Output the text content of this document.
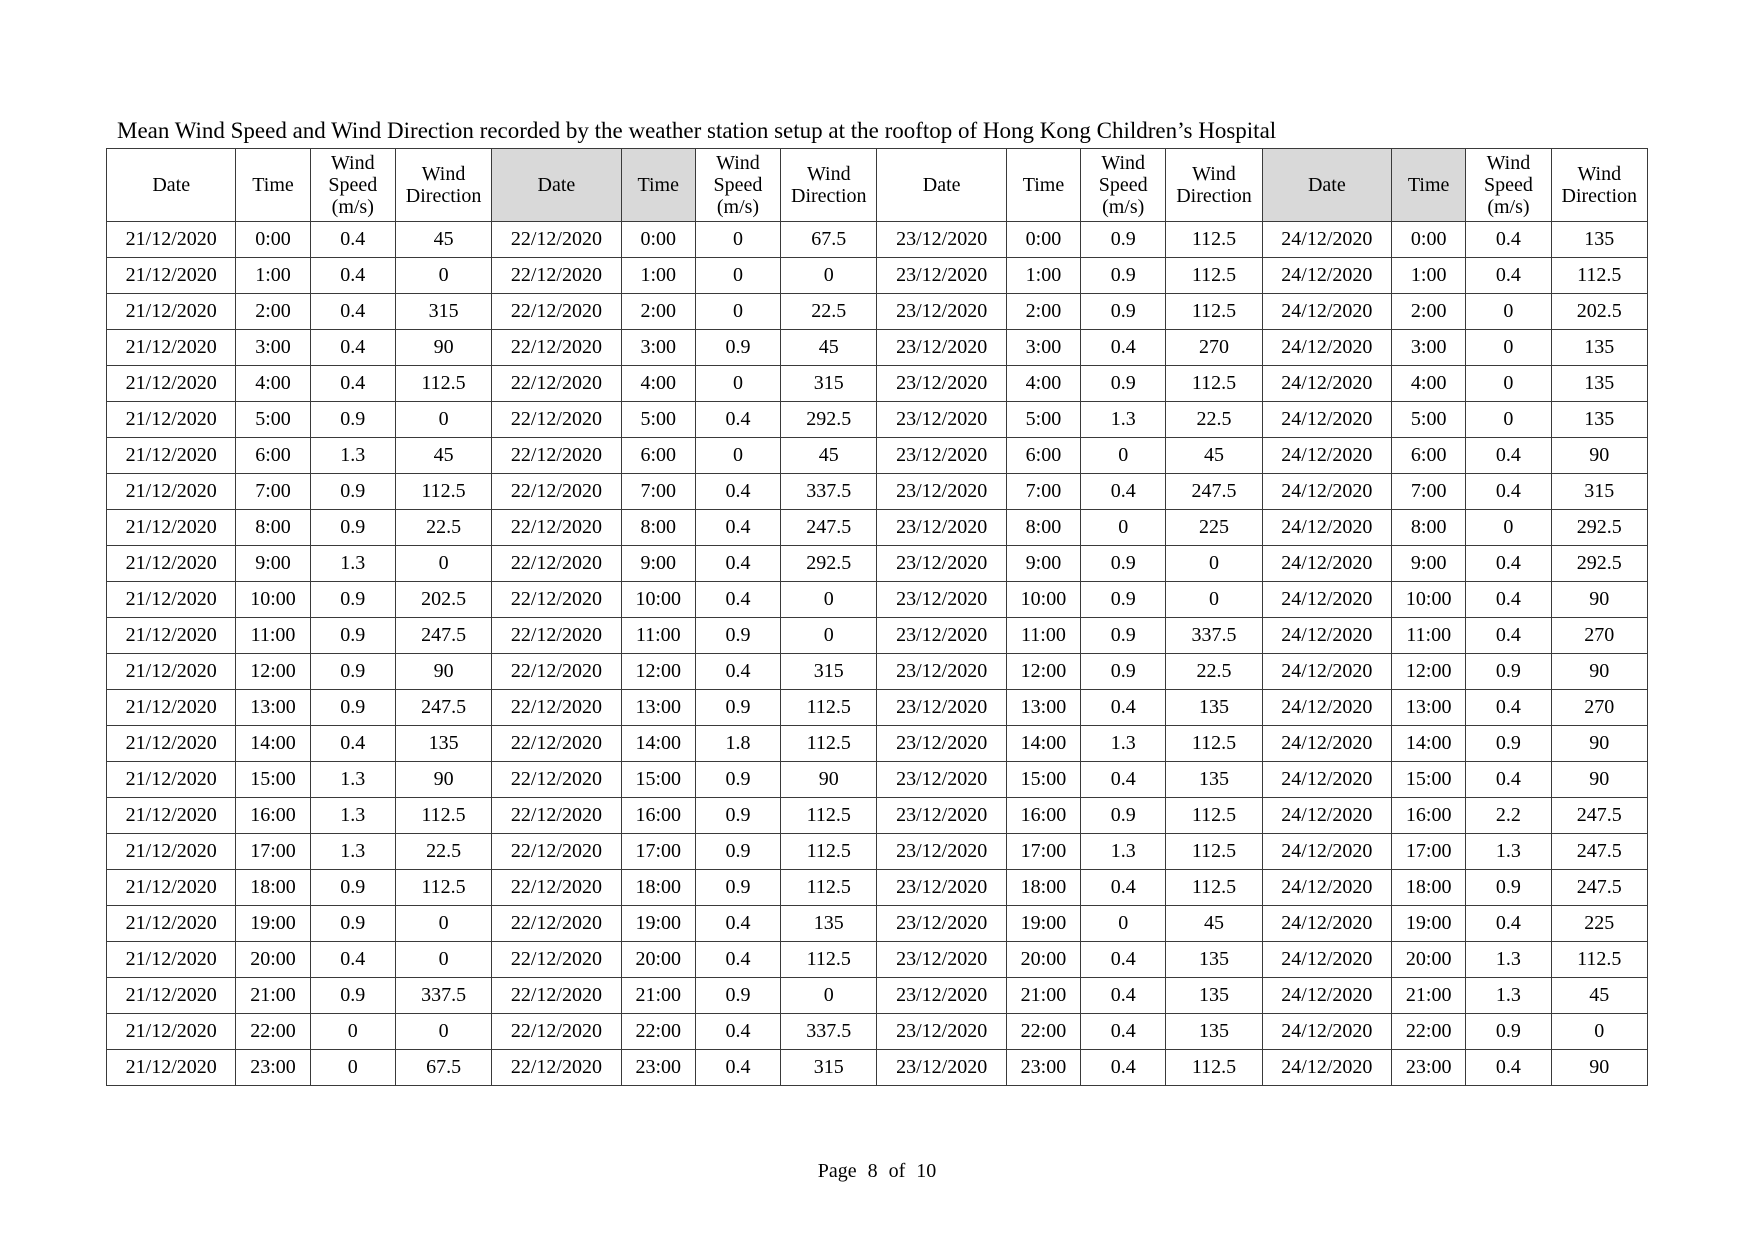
Mean Wind Speed and Wind Direction recorded by the weather station setup at the rooftop of Hong Kong Children’s Hospital
Date	Time	Wind Speed (m/s)	Wind Direction	Date	Time	Wind Speed (m/s)	Wind Direction	Date	Time	Wind Speed (m/s)	Wind Direction	Date	Time	Wind Speed (m/s)	Wind Direction
21/12/2020	0:00	0.4	45	22/12/2020	0:00	0	67.5	23/12/2020	0:00	0.9	112.5	24/12/2020	0:00	0.4	135
21/12/2020	1:00	0.4	0	22/12/2020	1:00	0	0	23/12/2020	1:00	0.9	112.5	24/12/2020	1:00	0.4	112.5
21/12/2020	2:00	0.4	315	22/12/2020	2:00	0	22.5	23/12/2020	2:00	0.9	112.5	24/12/2020	2:00	0	202.5
21/12/2020	3:00	0.4	90	22/12/2020	3:00	0.9	45	23/12/2020	3:00	0.4	270	24/12/2020	3:00	0	135
21/12/2020	4:00	0.4	112.5	22/12/2020	4:00	0	315	23/12/2020	4:00	0.9	112.5	24/12/2020	4:00	0	135
21/12/2020	5:00	0.9	0	22/12/2020	5:00	0.4	292.5	23/12/2020	5:00	1.3	22.5	24/12/2020	5:00	0	135
21/12/2020	6:00	1.3	45	22/12/2020	6:00	0	45	23/12/2020	6:00	0	45	24/12/2020	6:00	0.4	90
21/12/2020	7:00	0.9	112.5	22/12/2020	7:00	0.4	337.5	23/12/2020	7:00	0.4	247.5	24/12/2020	7:00	0.4	315
21/12/2020	8:00	0.9	22.5	22/12/2020	8:00	0.4	247.5	23/12/2020	8:00	0	225	24/12/2020	8:00	0	292.5
21/12/2020	9:00	1.3	0	22/12/2020	9:00	0.4	292.5	23/12/2020	9:00	0.9	0	24/12/2020	9:00	0.4	292.5
21/12/2020	10:00	0.9	202.5	22/12/2020	10:00	0.4	0	23/12/2020	10:00	0.9	0	24/12/2020	10:00	0.4	90
21/12/2020	11:00	0.9	247.5	22/12/2020	11:00	0.9	0	23/12/2020	11:00	0.9	337.5	24/12/2020	11:00	0.4	270
21/12/2020	12:00	0.9	90	22/12/2020	12:00	0.4	315	23/12/2020	12:00	0.9	22.5	24/12/2020	12:00	0.9	90
21/12/2020	13:00	0.9	247.5	22/12/2020	13:00	0.9	112.5	23/12/2020	13:00	0.4	135	24/12/2020	13:00	0.4	270
21/12/2020	14:00	0.4	135	22/12/2020	14:00	1.8	112.5	23/12/2020	14:00	1.3	112.5	24/12/2020	14:00	0.9	90
21/12/2020	15:00	1.3	90	22/12/2020	15:00	0.9	90	23/12/2020	15:00	0.4	135	24/12/2020	15:00	0.4	90
21/12/2020	16:00	1.3	112.5	22/12/2020	16:00	0.9	112.5	23/12/2020	16:00	0.9	112.5	24/12/2020	16:00	2.2	247.5
21/12/2020	17:00	1.3	22.5	22/12/2020	17:00	0.9	112.5	23/12/2020	17:00	1.3	112.5	24/12/2020	17:00	1.3	247.5
21/12/2020	18:00	0.9	112.5	22/12/2020	18:00	0.9	112.5	23/12/2020	18:00	0.4	112.5	24/12/2020	18:00	0.9	247.5
21/12/2020	19:00	0.9	0	22/12/2020	19:00	0.4	135	23/12/2020	19:00	0	45	24/12/2020	19:00	0.4	225
21/12/2020	20:00	0.4	0	22/12/2020	20:00	0.4	112.5	23/12/2020	20:00	0.4	135	24/12/2020	20:00	1.3	112.5
21/12/2020	21:00	0.9	337.5	22/12/2020	21:00	0.9	0	23/12/2020	21:00	0.4	135	24/12/2020	21:00	1.3	45
21/12/2020	22:00	0	0	22/12/2020	22:00	0.4	337.5	23/12/2020	22:00	0.4	135	24/12/2020	22:00	0.9	0
21/12/2020	23:00	0	67.5	22/12/2020	23:00	0.4	315	23/12/2020	23:00	0.4	112.5	24/12/2020	23:00	0.4	90
Page 8 of 10
